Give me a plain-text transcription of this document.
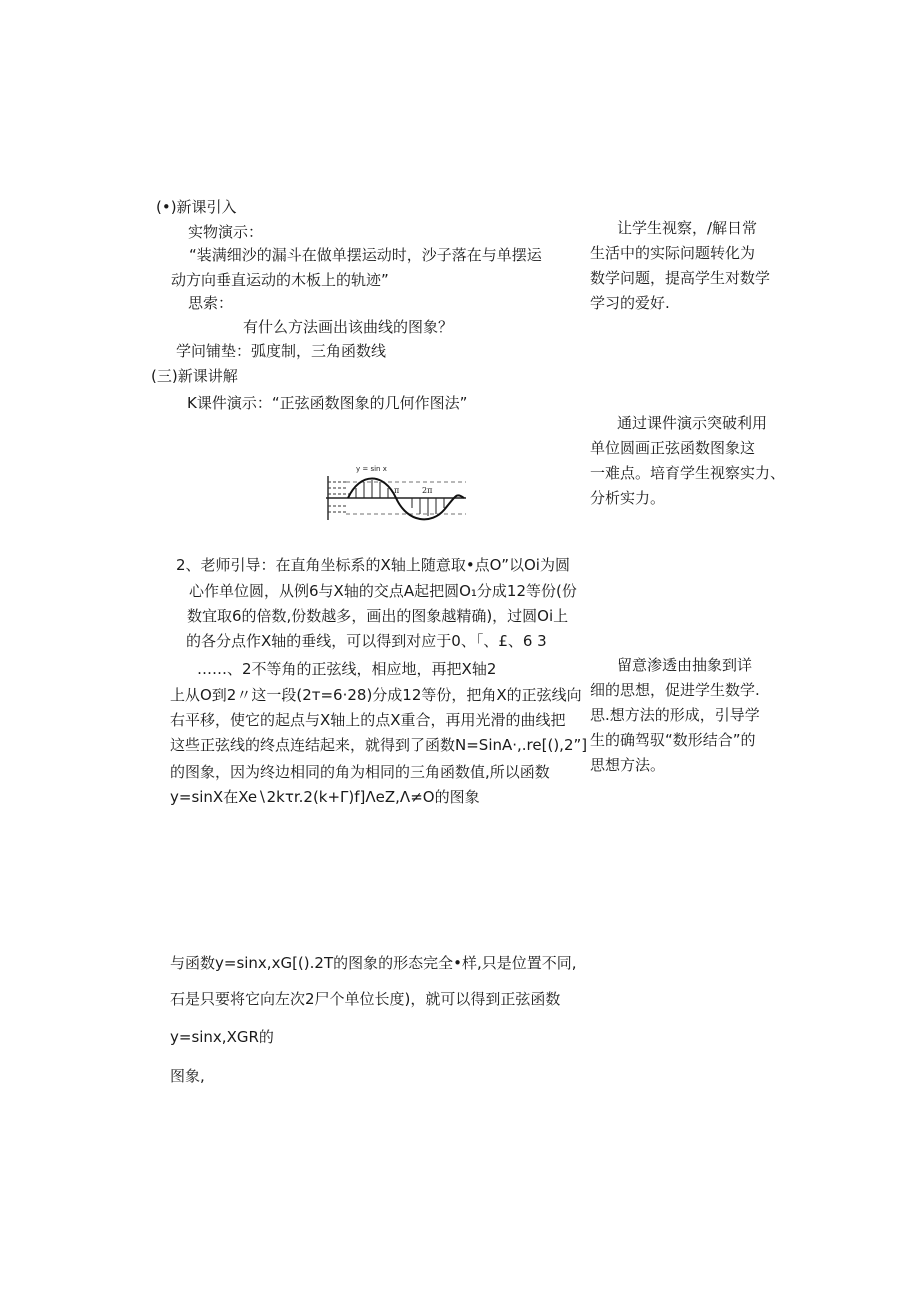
(•)新课引入
实物演示：
“装满细沙的漏斗在做单摆运动时，沙子落在与单摆运
动方向垂直运动的木板上的轨迹”
思索：
有什么方法画出该曲线的图象？
学问铺垫：弧度制，三角函数线
(三)新课讲解
K课件演示：“正弦函数图象的几何作图法”
y = sin x
π	2π
2、老师引导：在直角坐标系的X轴上随意取•点O”以Oi为圆
心作单位圆，从例6与X轴的交点A起把圆O₁分成12等份(份
数宜取6的倍数,份数越多，画出的图象越精确)，过圆Oi上
的各分点作X轴的垂线，可以得到对应于0、「、£、6 3
……、2不等角的正弦线，相应地，再把X轴2
上从O到2〃这一段(2т=6·28)分成12等份，把角X的正弦线向
右平移，使它的起点与X轴上的点X重合，再用光滑的曲线把
这些正弦线的终点连结起来，就得到了函数N=SinA·,.re[(),2”]
的图象，因为终边相同的角为相同的三角函数值,所以函数
y=sinX在Xe∖2kτr.2(k+Γ)f]ΛeZ,Λ≠O的图象
与函数y=sinx,xG[().2T的图象的形态完全•样,只是位置不同,
石是只要将它向左次2尸个单位长度)，就可以得到正弦函数
y=sinx,XGR的
图象,
让学生视察，/解日常
生活中的实际问题转化为
数学问题，提高学生对数学
学习的爱好.
通过课件演示突破利用
单位圆画正弦函数图象这
一难点。培育学生视察实力、
分析实力。
留意渗透由抽象到详
细的思想，促进学生数学.
思.想方法的形成，引导学
生的确驾驭“数形结合”的
思想方法。
